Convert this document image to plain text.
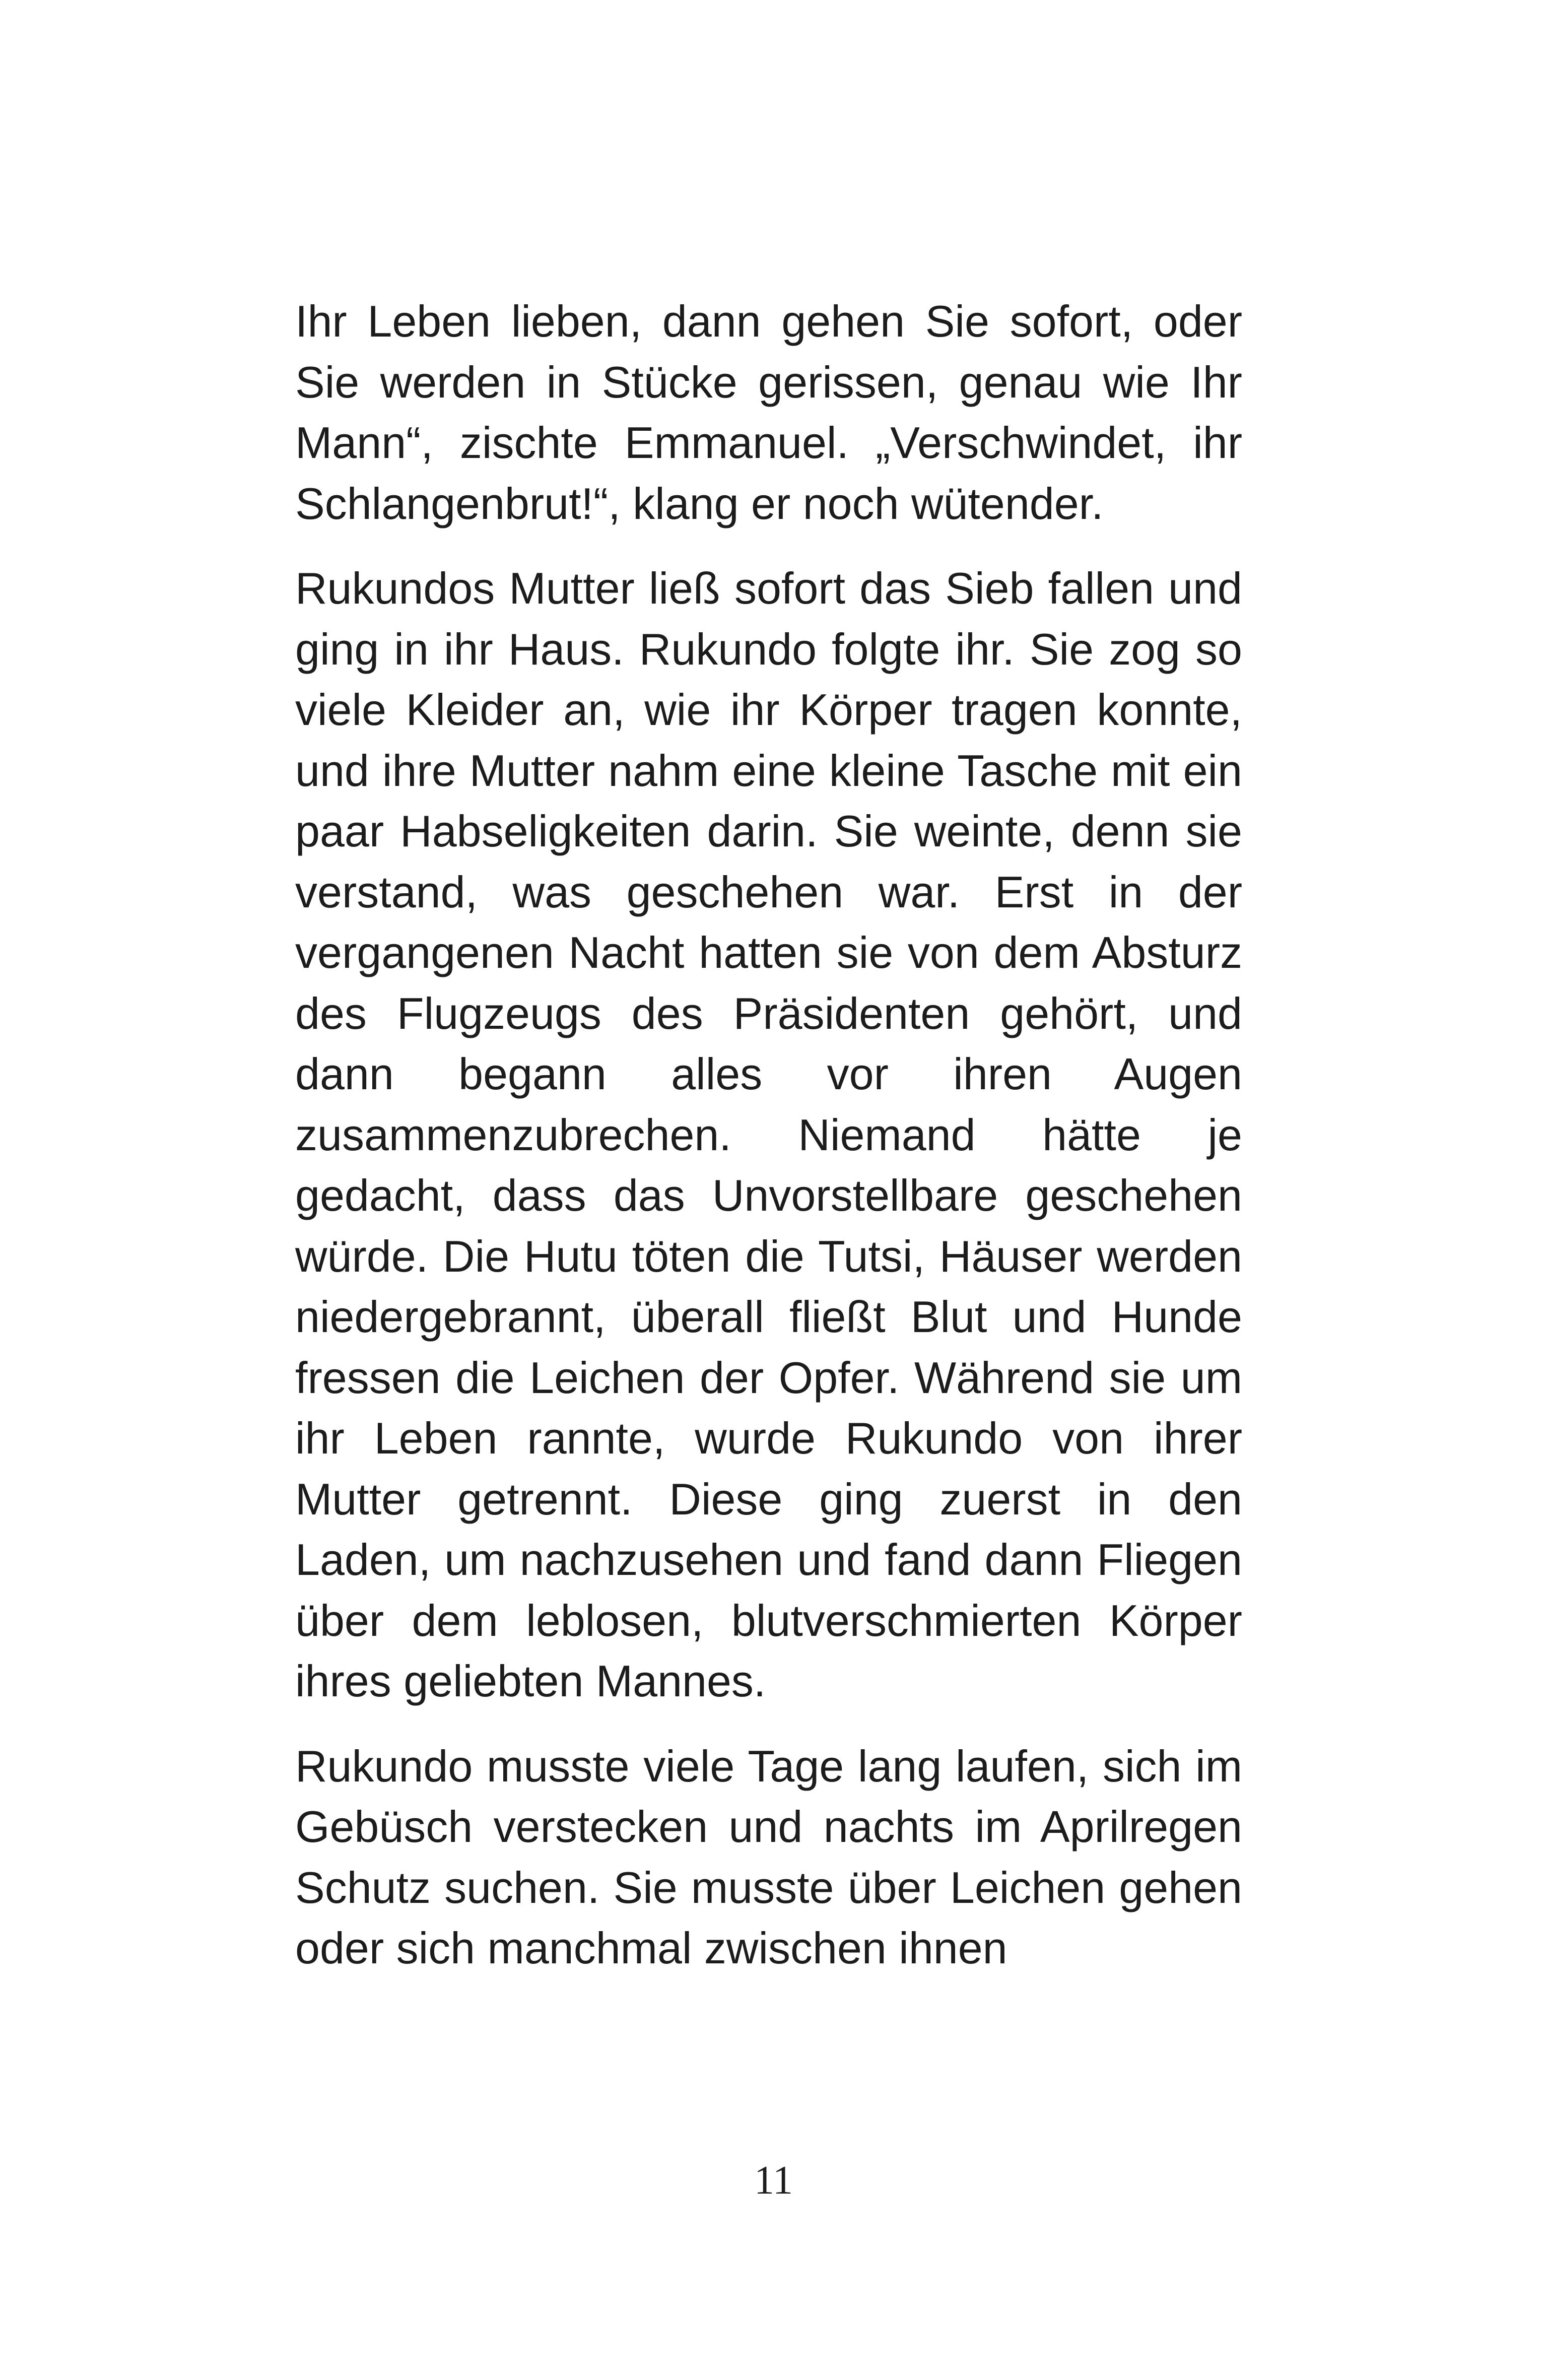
Ihr Leben lieben, dann gehen Sie sofort, oder Sie werden in Stücke gerissen, genau wie Ihr Mann“, zischte Emmanuel. „Verschwindet, ihr Schlangenbrut!“, klang er noch wütender.

Rukundos Mutter ließ sofort das Sieb fallen und ging in ihr Haus. Rukundo folgte ihr. Sie zog so viele Kleider an, wie ihr Körper tragen konnte, und ihre Mutter nahm eine kleine Tasche mit ein paar Habseligkeiten darin. Sie weinte, denn sie verstand, was geschehen war. Erst in der vergangenen Nacht hatten sie von dem Absturz des Flugzeugs des Präsidenten gehört, und dann begann alles vor ihren Augen zusammenzubrechen. Niemand hätte je gedacht, dass das Unvorstellbare geschehen würde. Die Hutu töten die Tutsi, Häuser werden niedergebrannt, überall fließt Blut und Hunde fressen die Leichen der Opfer. Während sie um ihr Leben rannte, wurde Rukundo von ihrer Mutter getrennt. Diese ging zuerst in den Laden, um nachzusehen und fand dann Fliegen über dem leblosen, blutverschmierten Körper ihres geliebten Mannes.

Rukundo musste viele Tage lang laufen, sich im Gebüsch verstecken und nachts im Aprilregen Schutz suchen. Sie musste über Leichen gehen oder sich manchmal zwischen ihnen

11
